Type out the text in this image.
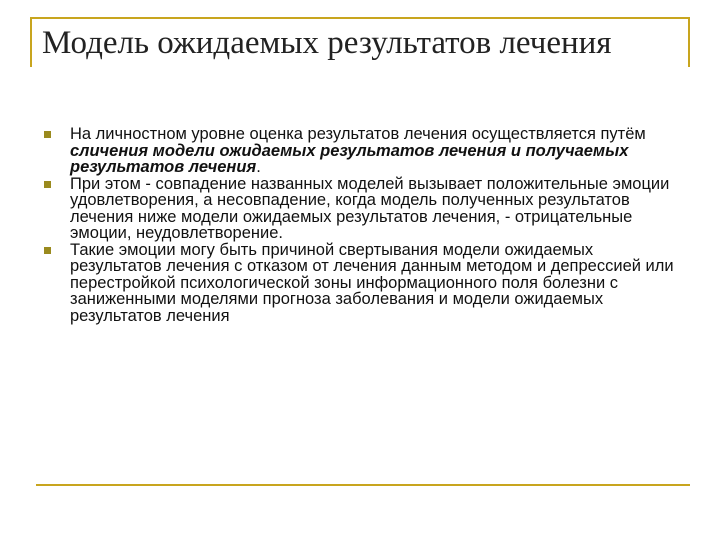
Модель ожидаемых результатов лечения
На личностном уровне оценка результатов лечения осуществляется путём сличения модели ожидаемых результатов лечения и получаемых результатов лечения.
При этом - совпадение названных моделей вызывает положительные эмоции удовлетворения, а несовпадение, когда модель полученных результатов лечения ниже модели ожидаемых результатов лечения, - отрицательные эмоции, неудовлетворение.
Такие эмоции могу быть причиной свертывания модели ожидаемых результатов лечения с отказом от лечения данным методом и депрессией или перестройкой психологической зоны информационного поля болезни с заниженными моделями прогноза заболевания и модели ожидаемых результатов лечения
